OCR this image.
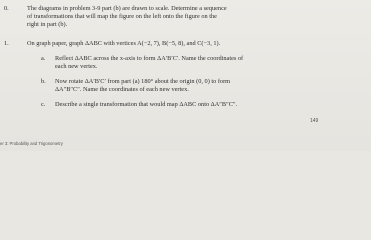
0.	The diagrams in problem 3-9 part (b) are drawn to scale. Determine a sequence
of transformations that will map the figure on the left onto the figure on the
right in part (b).
1.	On graph paper, graph ΔABC with vertices A(−2, 7), B(−5, 8), and C(−3, 1).
a. Reflect ΔABC across the x-axis to form ΔA′B′C′. Name the coordinates of
each new vertex.
b. Now rotate ΔA′B′C′ from part (a) 180° about the origin (0, 0) to form
ΔA″B″C″. Name the coordinates of each new vertex.
c. Describe a single transformation that would map ΔABC onto ΔA″B″C″.
149
er 3: Probability and Trigonometry
